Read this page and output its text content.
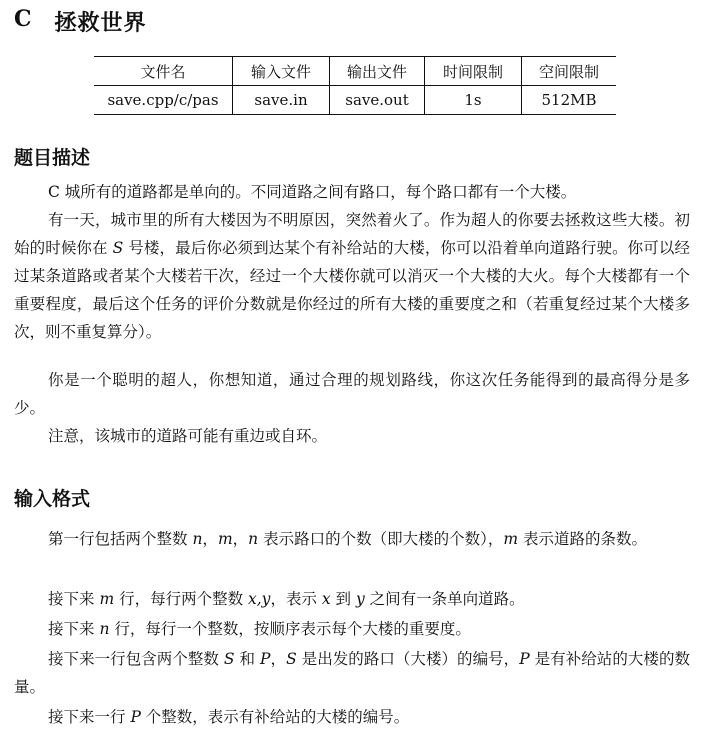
C 拯救世界
文件名	输入文件	输出文件	时间限制	空间限制
save.cpp/c/pas	save.in	save.out	1s	512MB
题目描述

C 城所有的道路都是单向的。不同道路之间有路口，每个路口都有一个大楼。

有一天，城市里的所有大楼因为不明原因，突然着火了。作为超人的你要去拯救这些大楼。初始的时候你在 S 号楼，最后你必须到达某个有补给站的大楼，你可以沿着单向道路行驶。你可以经过某条道路或者某个大楼若干次，经过一个大楼你就可以消灭一个大楼的大火。每个大楼都有一个重要程度，最后这个任务的评价分数就是你经过的所有大楼的重要度之和（若重复经过某个大楼多次，则不重复算分）。

你是一个聪明的超人，你想知道，通过合理的规划路线，你这次任务能得到的最高得分是多少。

注意，该城市的道路可能有重边或自环。

输入格式

第一行包括两个整数 n，m，n 表示路口的个数（即大楼的个数），m 表示道路的条数。

接下来 m 行，每行两个整数 x,y，表示 x 到 y 之间有一条单向道路。

接下来 n 行，每行一个整数，按顺序表示每个大楼的重要度。

接下来一行包含两个整数 S 和 P，S 是出发的路口（大楼）的编号，P 是有补给站的大楼的数量。

接下来一行 P 个整数，表示有补给站的大楼的编号。
